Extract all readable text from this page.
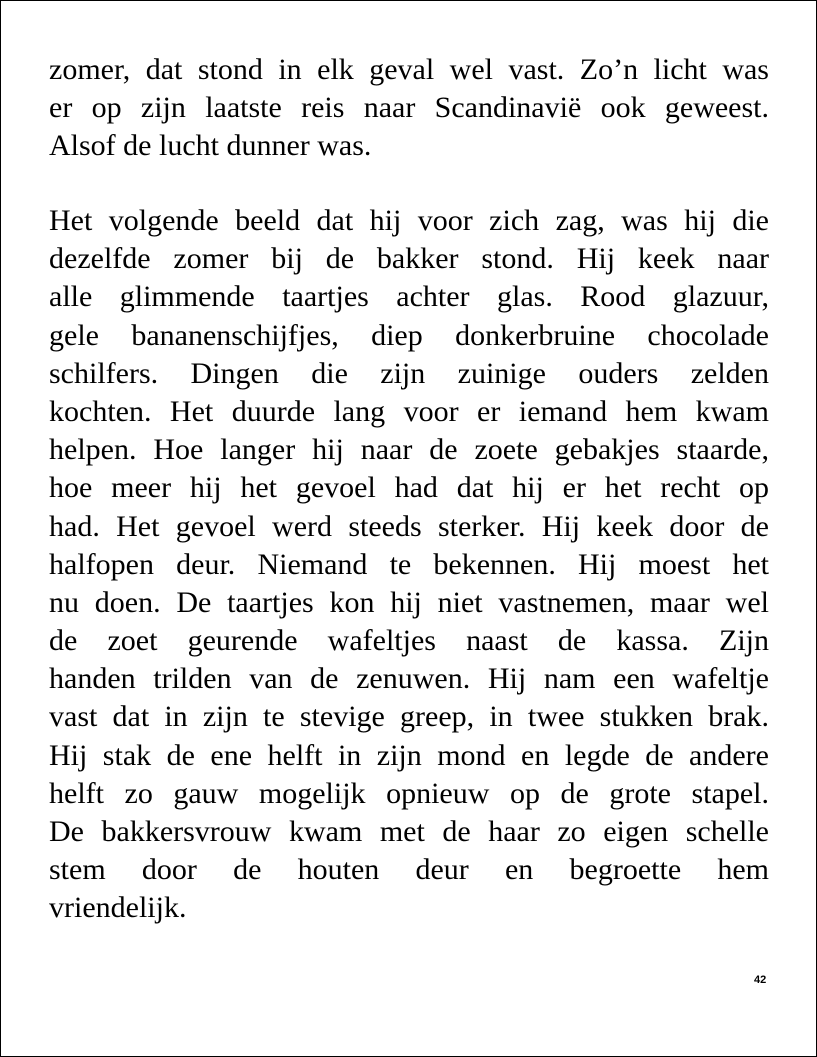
zomer, dat stond in elk geval wel vast. Zo’n licht was
er op zijn laatste reis naar Scandinavië ook geweest.
Alsof de lucht dunner was.
Het volgende beeld dat hij voor zich zag, was hij die
dezelfde zomer bij de bakker stond. Hij keek naar
alle glimmende taartjes achter glas. Rood glazuur,
gele bananenschijfjes, diep donkerbruine chocolade
schilfers. Dingen die zijn zuinige ouders zelden
kochten. Het duurde lang voor er iemand hem kwam
helpen. Hoe langer hij naar de zoete gebakjes staarde,
hoe meer hij het gevoel had dat hij er het recht op
had. Het gevoel werd steeds sterker. Hij keek door de
halfopen deur. Niemand te bekennen. Hij moest het
nu doen. De taartjes kon hij niet vastnemen, maar wel
de zoet geurende wafeltjes naast de kassa. Zijn
handen trilden van de zenuwen. Hij nam een wafeltje
vast dat in zijn te stevige greep, in twee stukken brak.
Hij stak de ene helft in zijn mond en legde de andere
helft zo gauw mogelijk opnieuw op de grote stapel.
De bakkersvrouw kwam met de haar zo eigen schelle
stem door de houten deur en begroette hem
vriendelijk.
42
